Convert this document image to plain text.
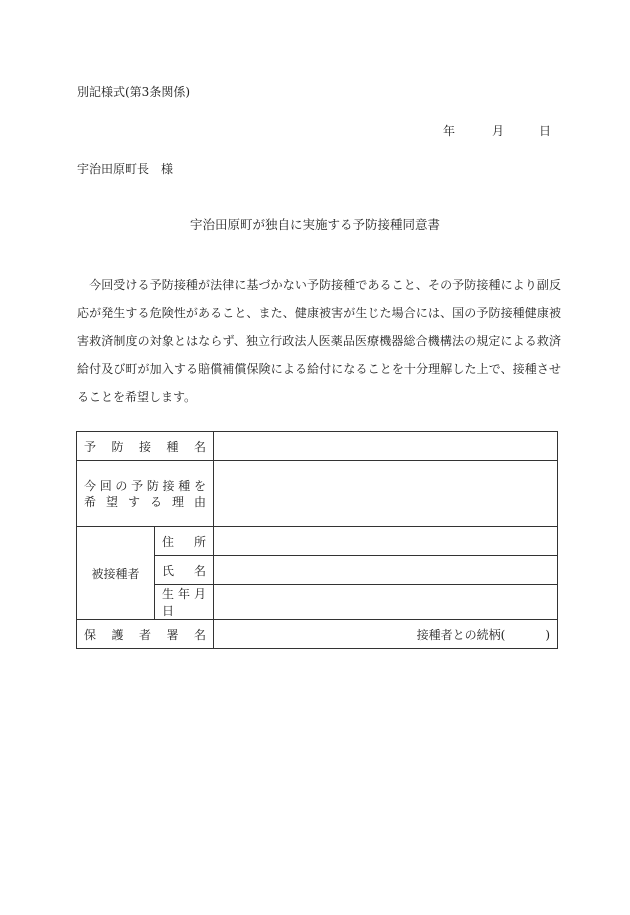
別記様式(第3条関係)
年	月	日
宇治田原町長　様
宇治田原町が独自に実施する予防接種同意書
　今回受ける予防接種が法律に基づかない予防接種であること、その予防接種により副反
応が発生する危険性があること、また、健康被害が生じた場合には、国の予防接種健康被
害救済制度の対象とはならず、独立行政法人医薬品医療機器総合機構法の規定による救済
給付及び町が加入する賠償補償保険による給付になることを十分理解した上で、接種させ
ることを希望します。
予防接種名		

今回の予防接種を
希望する理由		

被接種者	住所	

	氏名	

	生年月日	

保護者署名		接種者との続柄( )
